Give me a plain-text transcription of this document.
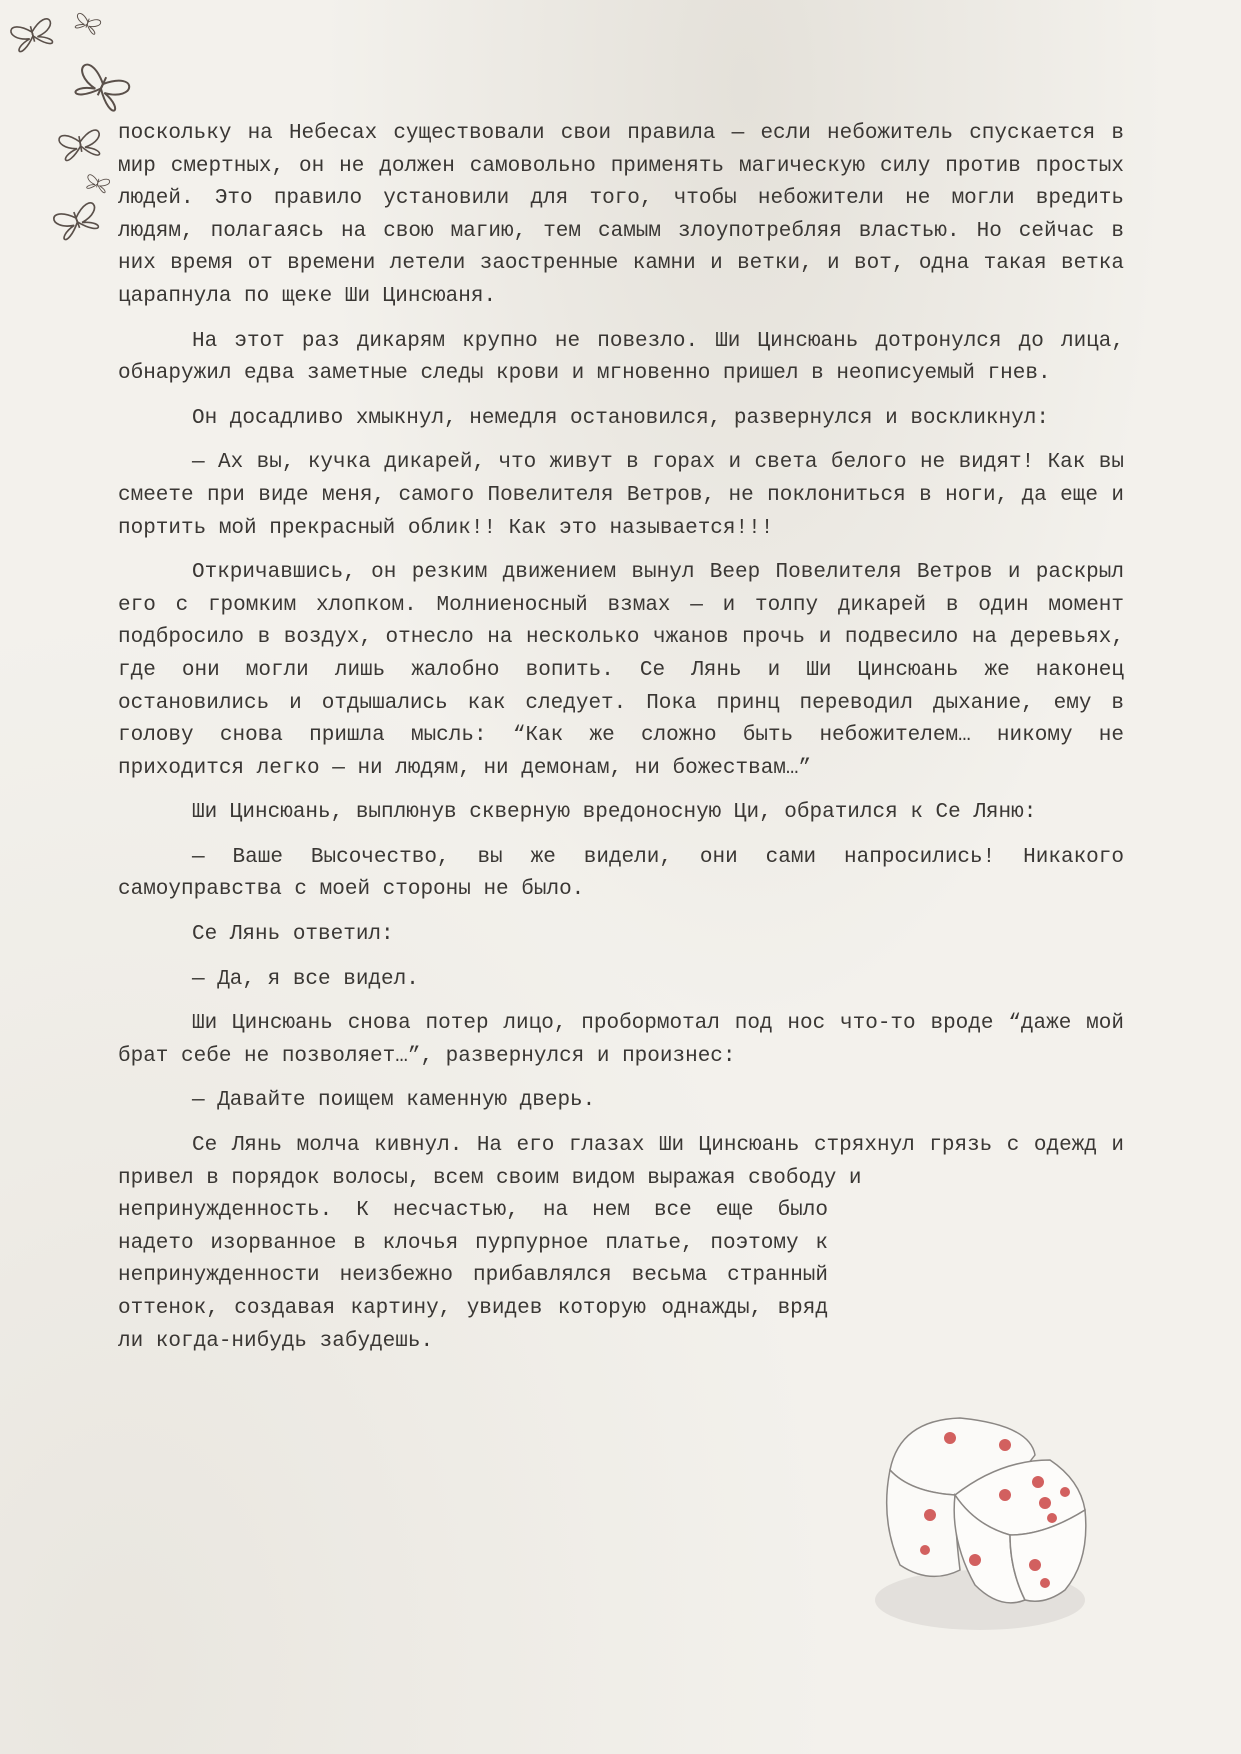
поскольку на Небесах существовали свои правила — если небожитель спускается в мир смертных, он не должен самовольно применять магическую силу против простых людей. Это правило установили для того, чтобы небожители не могли вредить людям, полагаясь на свою магию, тем самым злоупотребляя властью. Но сейчас в них время от времени летели заостренные камни и ветки, и вот, одна такая ветка царапнула по щеке Ши Цинсюаня.

На этот раз дикарям крупно не повезло. Ши Цинсюань дотронулся до лица, обнаружил едва заметные следы крови и мгновенно пришел в неописуемый гнев.

Он досадливо хмыкнул, немедля остановился, развернулся и воскликнул:

— Ах вы, кучка дикарей, что живут в горах и света белого не видят! Как вы смеете при виде меня, самого Повелителя Ветров, не поклониться в ноги, да еще и портить мой прекрасный облик!! Как это называется!!!

Откричавшись, он резким движением вынул Веер Повелителя Ветров и раскрыл его с громким хлопком. Молниеносный взмах — и толпу дикарей в один момент подбросило в воздух, отнесло на несколько чжанов прочь и подвесило на деревьях, где они могли лишь жалобно вопить. Се Лянь и Ши Цинсюань же наконец остановились и отдышались как следует. Пока принц переводил дыхание, ему в голову снова пришла мысль: “Как же сложно быть небожителем… никому не приходится легко — ни людям, ни демонам, ни божествам…”

Ши Цинсюань, выплюнув скверную вредоносную Ци, обратился к Се Ляню:

— Ваше Высочество, вы же видели, они сами напросились! Никакого самоуправства с моей стороны не было.

Се Лянь ответил:

— Да, я все видел.

Ши Цинсюань снова потер лицо, пробормотал под нос что-то вроде “даже мой брат себе не позволяет…”, развернулся и произнес:

— Давайте поищем каменную дверь.

Се Лянь молча кивнул. На его глазах Ши Цинсюань стряхнул грязь с одежд и привел в порядок волосы, всем своим видом выражая свободу и

непринужденность. К несчастью, на нем все еще было надето изорванное в клочья пурпурное платье, поэтому к непринужденности неизбежно прибавлялся весьма странный оттенок, создавая картину, увидев которую однажды, вряд ли когда-нибудь забудешь.
